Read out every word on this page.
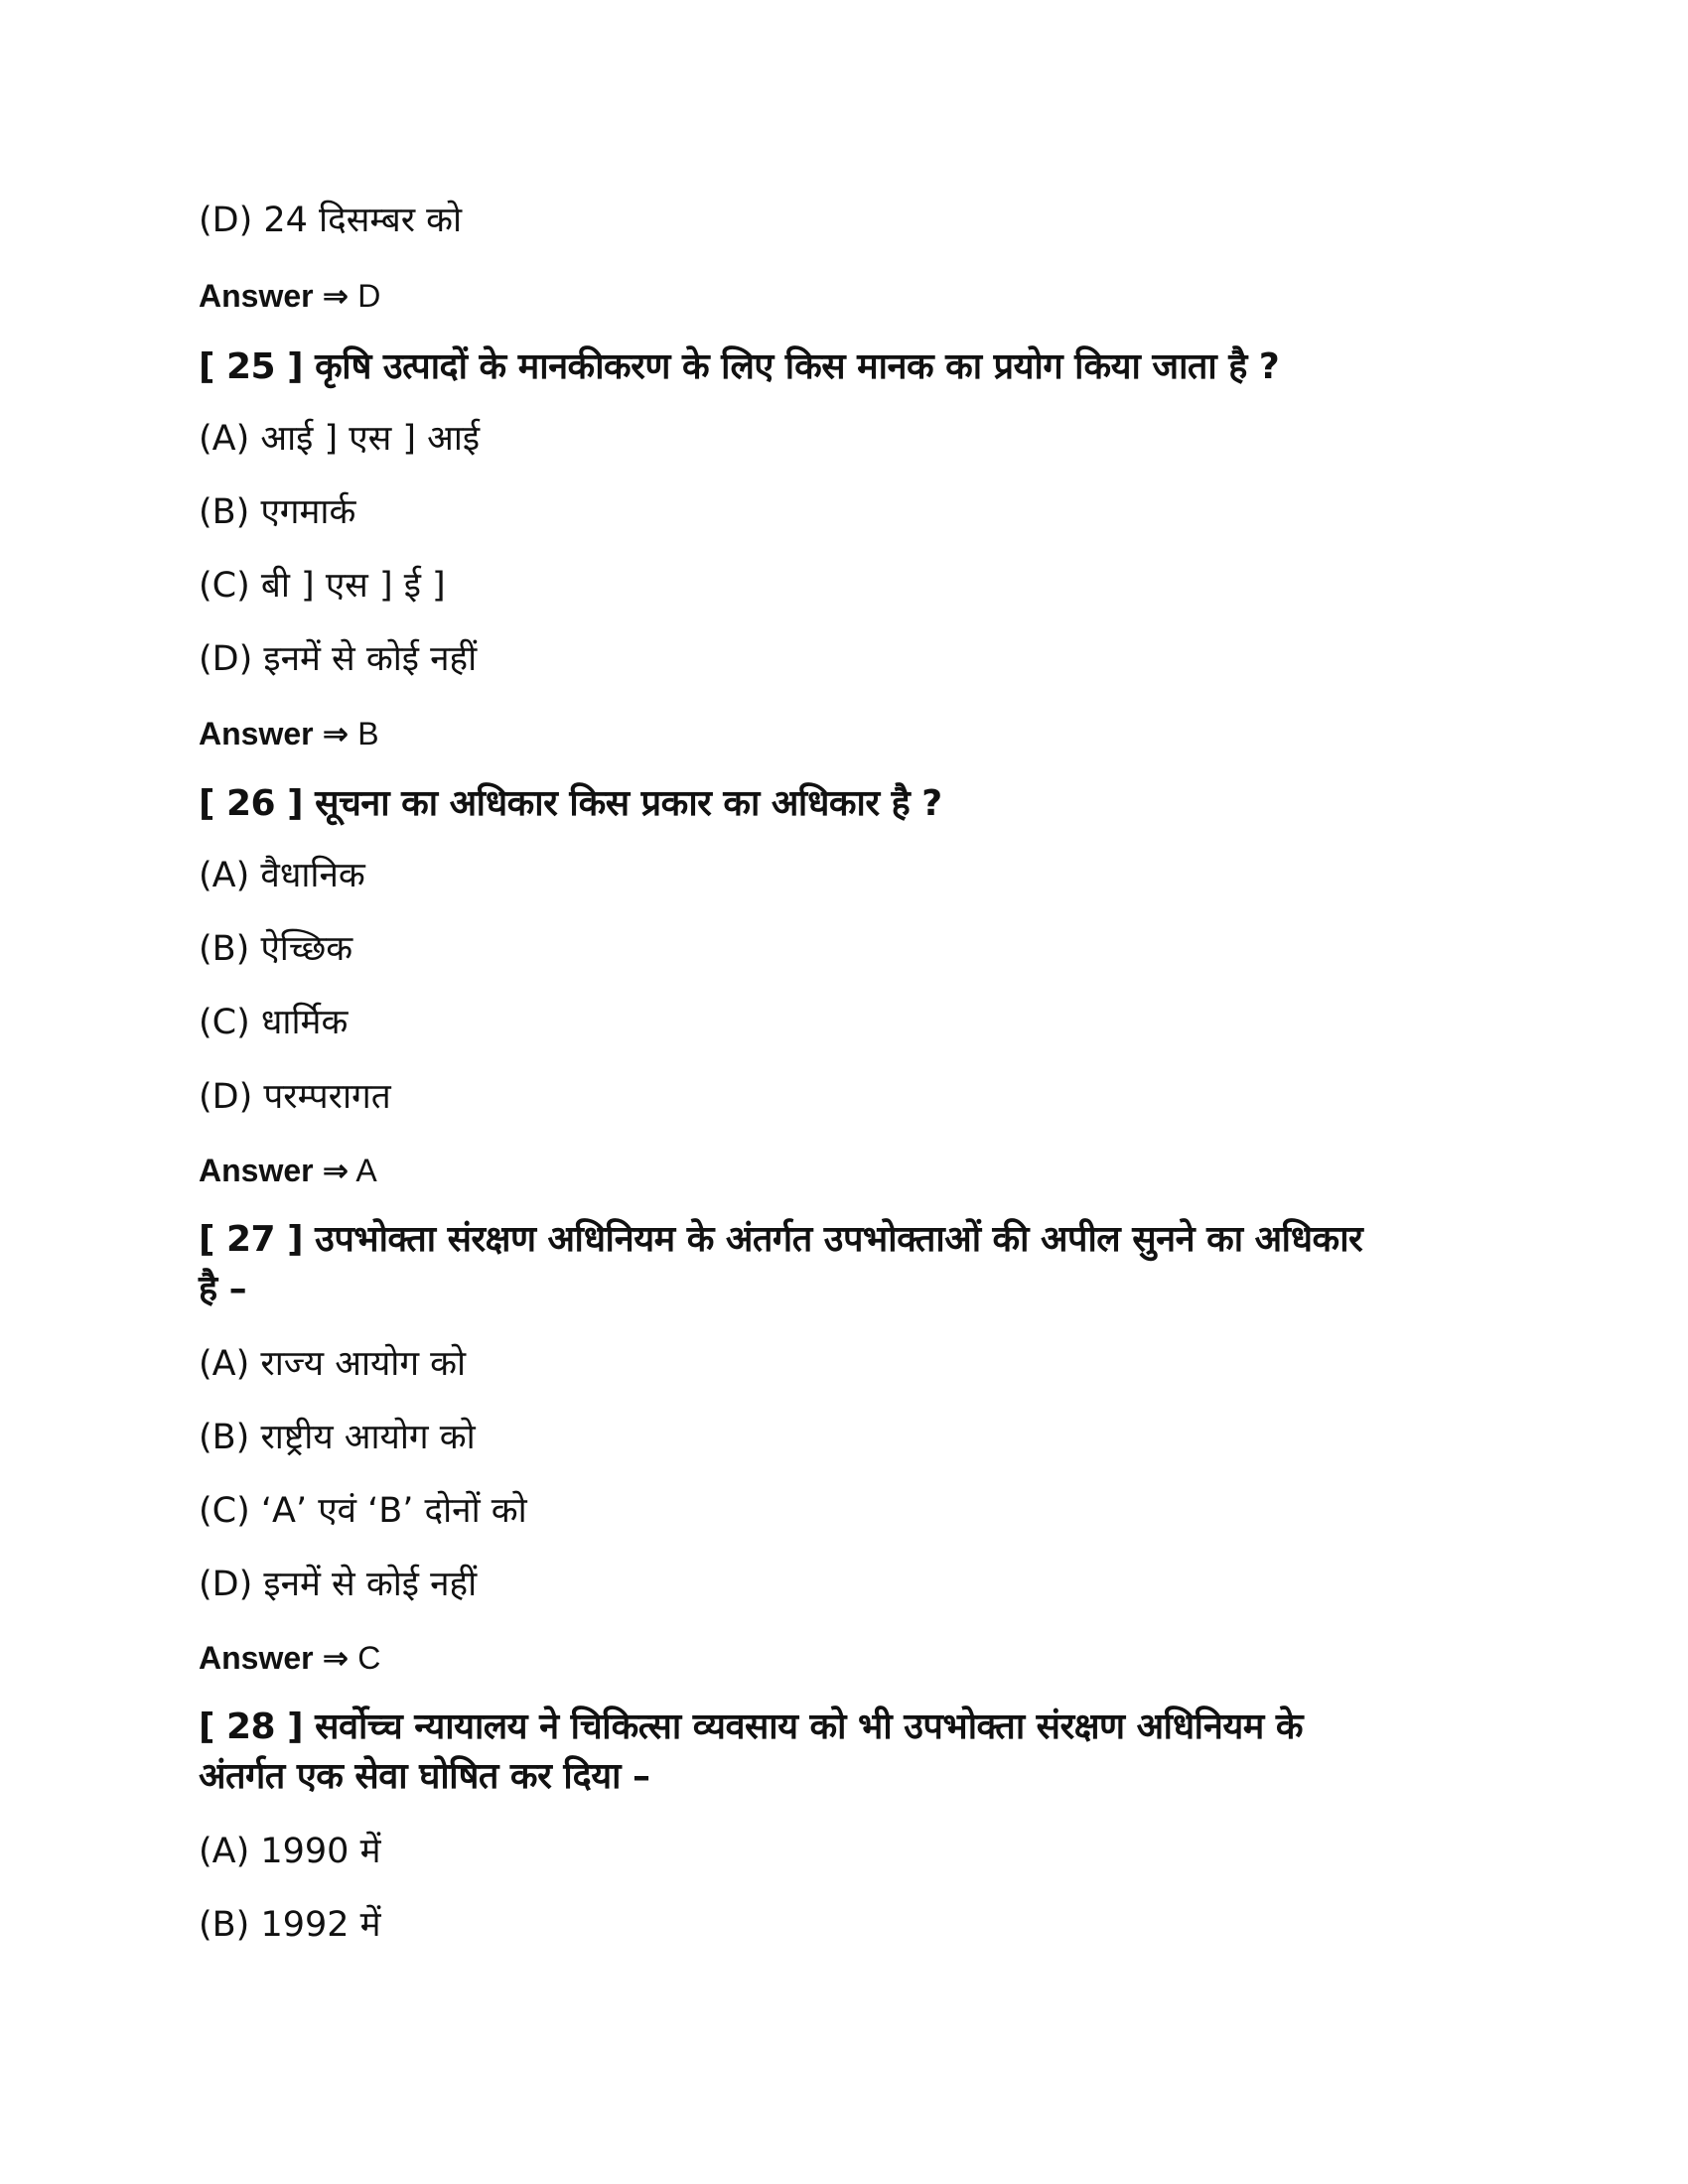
(D) 24 दिसम्बर को
Answer ⇒ D
[ 25 ] कृषि उत्पादों के मानकीकरण के लिए किस मानक का प्रयोग किया जाता है ?
(A) आई ] एस ] आई
(B) एगमार्क
(C) बी ] एस ] ई ]
(D) इनमें से कोई नहीं
Answer ⇒ B
[ 26 ] सूचना का अधिकार किस प्रकार का अधिकार है ?
(A) वैधानिक
(B) ऐच्छिक
(C) धार्मिक
(D) परम्परागत
Answer ⇒ A
[ 27 ] उपभोक्ता संरक्षण अधिनियम के अंतर्गत उपभोक्ताओं की अपील सुनने का अधिकार
है –
(A) राज्य आयोग को
(B) राष्ट्रीय आयोग को
(C) ‘A’ एवं ‘B’ दोनों को
(D) इनमें से कोई नहीं
Answer ⇒ C
[ 28 ] सर्वोच्च न्यायालय ने चिकित्सा व्यवसाय को भी उपभोक्ता संरक्षण अधिनियम के
अंतर्गत एक सेवा घोषित कर दिया –
(A) 1990 में
(B) 1992 में
